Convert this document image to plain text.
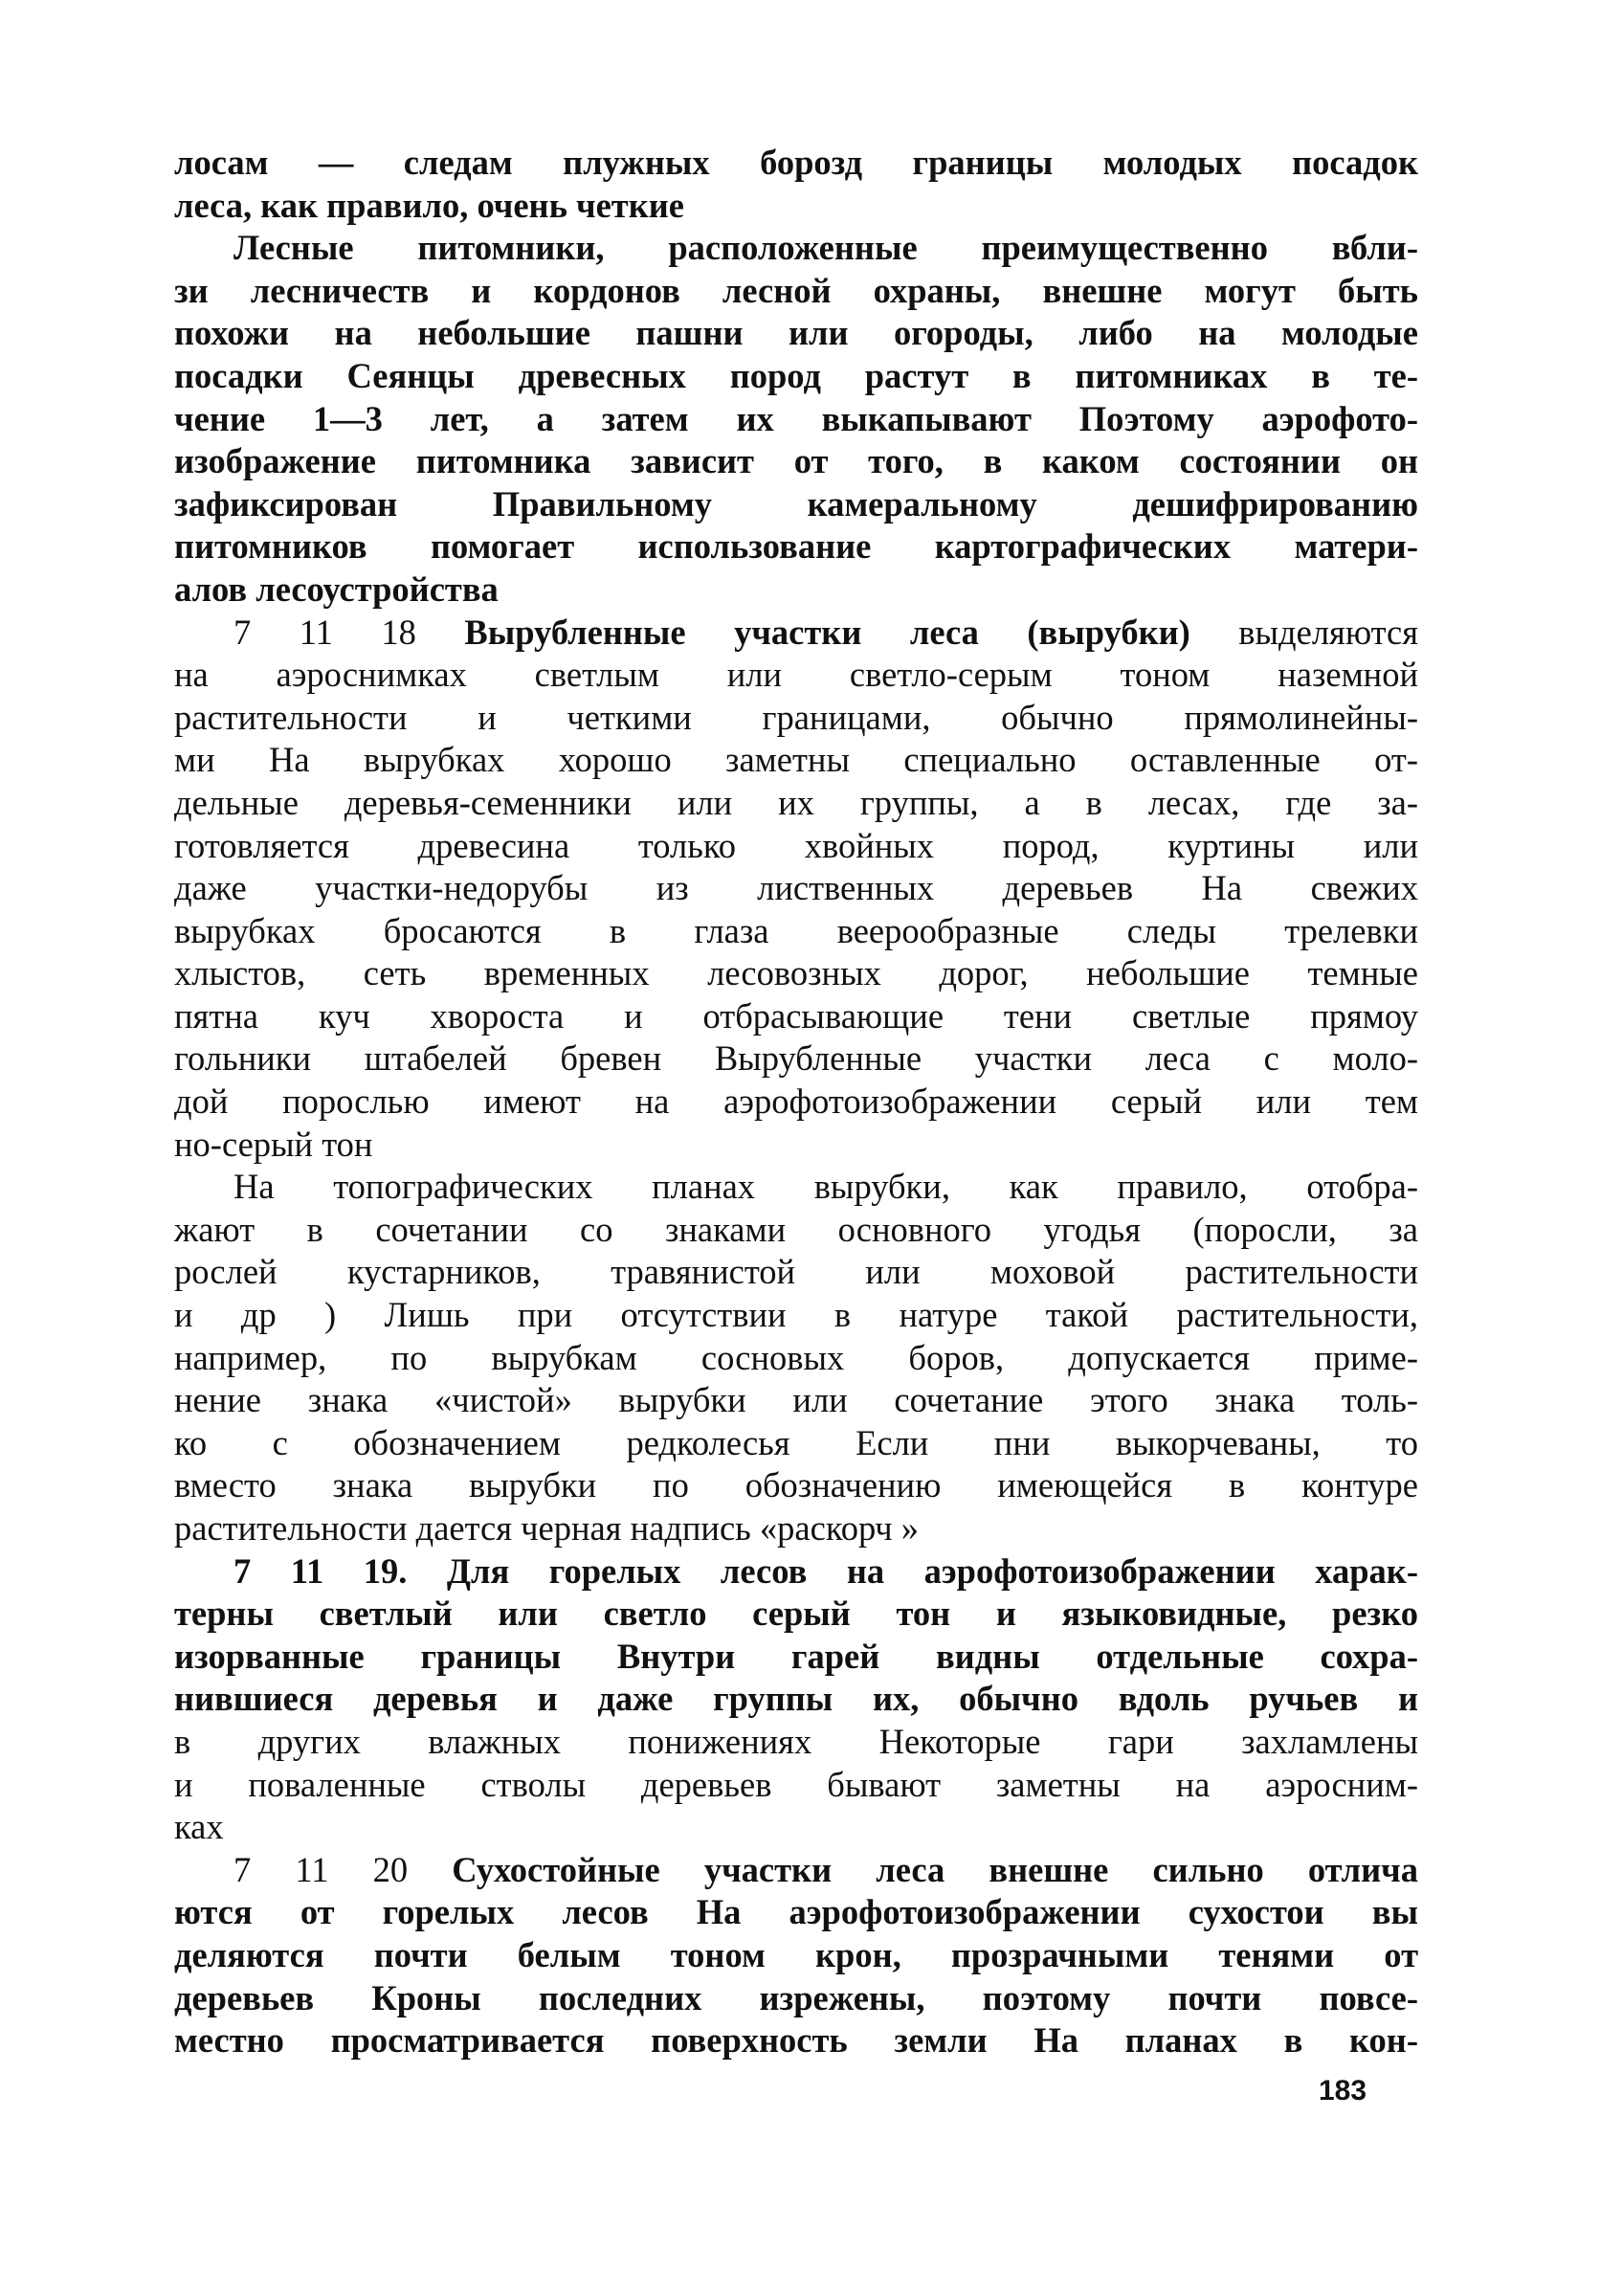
лосам — следам плужных борозд границы молодых посадок
леса, как правило, очень четкие
Лесные питомники, расположенные преимущественно вбли-
зи лесничеств и кордонов лесной охраны, внешне могут быть
похожи на небольшие пашни или огороды, либо на молодые
посадки Сеянцы древесных пород растут в питомниках в те-
чение 1—3 лет, а затем их выкапывают Поэтому аэрофото-
изображение питомника зависит от того, в каком состоянии он
зафиксирован Правильному камеральному дешифрированию
питомников помогает использование картографических матери-
алов лесоустройства
7 11 18 Вырубленные участки леса (вырубки) выделяются
на аэроснимках светлым или светло-серым тоном наземной
растительности и четкими границами, обычно прямолинейны-
ми На вырубках хорошо заметны специально оставленные от-
дельные деревья-семенники или их группы, а в лесах, где за-
готовляется древесина только хвойных пород, куртины или
даже участки-недорубы из лиственных деревьев На свежих
вырубках бросаются в глаза веерообразные следы трелевки
хлыстов, сеть временных лесовозных дорог, небольшие темные
пятна куч хвороста и отбрасывающие тени светлые прямоу
гольники штабелей бревен Вырубленные участки леса с моло-
дой порослью имеют на аэрофотоизображении серый или тем
но-серый тон
На топографических планах вырубки, как правило, отобра-
жают в сочетании со знаками основного угодья (поросли, за
рослей кустарников, травянистой или моховой растительности
и др ) Лишь при отсутствии в натуре такой растительности,
например, по вырубкам сосновых боров, допускается приме-
нение знака «чистой» вырубки или сочетание этого знака толь-
ко с обозначением редколесья Если пни выкорчеваны, то
вместо знака вырубки по обозначению имеющейся в контуре
растительности дается черная надпись «раскорч »
7 11 19. Для горелых лесов на аэрофотоизображении харак-
терны светлый или светло серый тон и языковидные, резко
изорванные границы Внутри гарей видны отдельные сохра-
нившиеся деревья и даже группы их, обычно вдоль ручьев и
в других влажных понижениях Некоторые гари захламлены
и поваленные стволы деревьев бывают заметны на аэросним-
ках
7 11 20 Сухостойные участки леса внешне сильно отлича
ются от горелых лесов На аэрофотоизображении сухостои вы
деляются почти белым тоном крон, прозрачными тенями от
деревьев Кроны последних изрежены, поэтому почти повсе-
местно просматривается поверхность земли На планах в кон-
183
